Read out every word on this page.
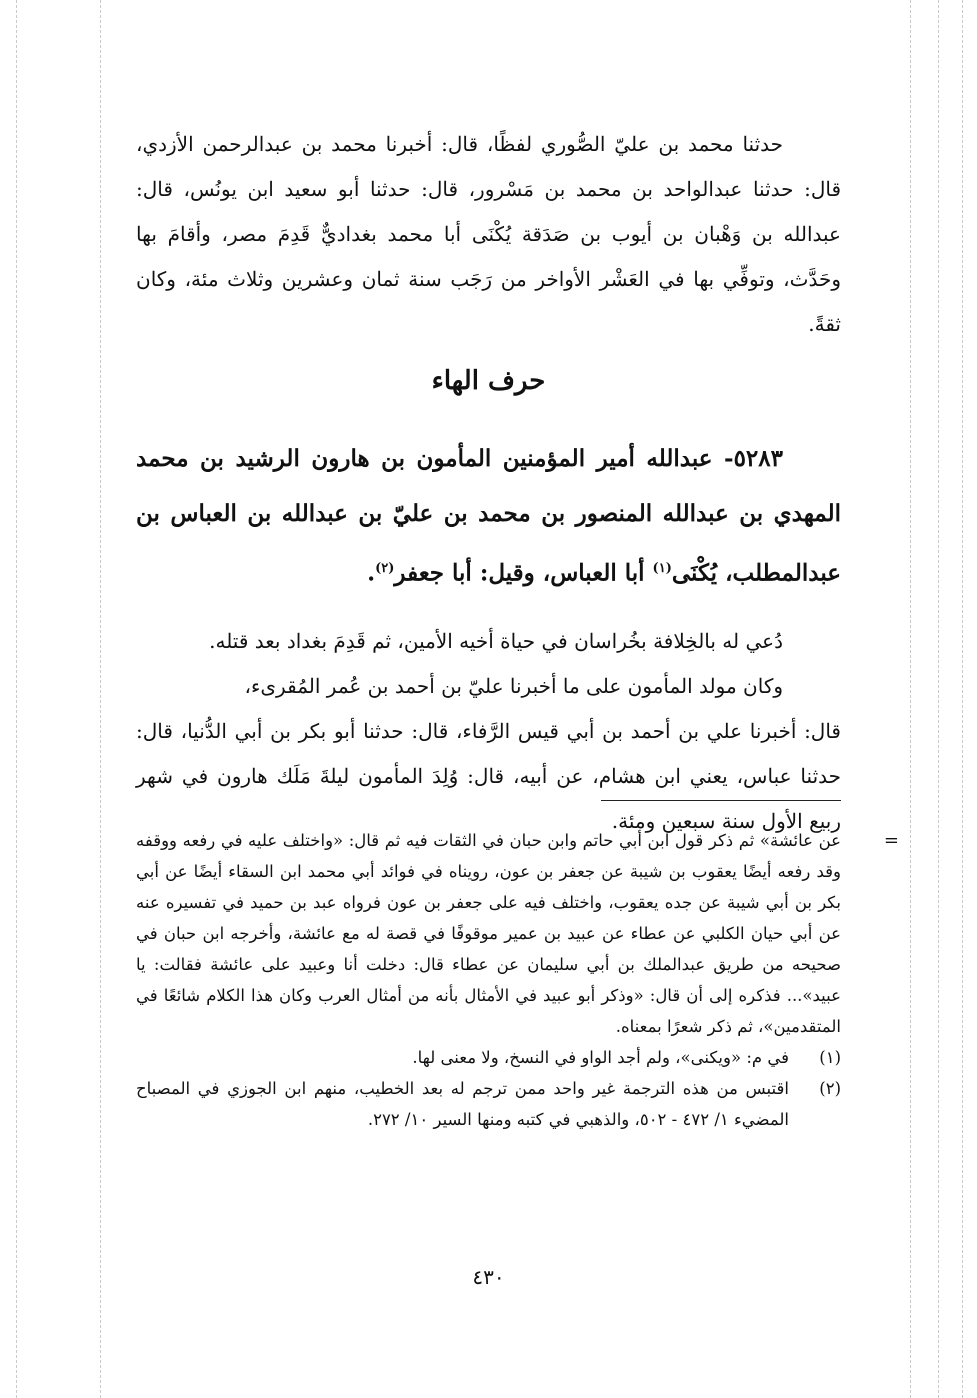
حدثنا محمد بن عليّ الصُّوري لفظًا، قال: أخبرنا محمد بن عبدالرحمن الأزدي، قال: حدثنا عبدالواحد بن محمد بن مَسْرور، قال: حدثنا أبو سعيد ابن يونُس، قال: عبدالله بن وَهْبان بن أيوب بن صَدَقة يُكْنَى أبا محمد بغداديٌّ قَدِمَ مصر، وأقامَ بها وحَدَّث، وتوفِّي بها في العَشْر الأواخر من رَجَب سنة ثمان وعشرين وثلاث مئة، وكان ثقةً.

حرف الهاء

٥٢٨٣- عبدالله أمير المؤمنين المأمون بن هارون الرشيد بن محمد المهدي بن عبدالله المنصور بن محمد بن عليّ بن عبدالله بن العباس بن عبدالمطلب، يُكْنَى$^{(١)}$ أبا العباس، وقيل: أبا جعفر$^{(٢)}$.

دُعي له بالخِلافة بخُراسان في حياة أخيه الأمين، ثم قَدِمَ بغداد بعد قتله.

وكان مولد المأمون على ما أخبرنا عليّ بن أحمد بن عُمر المُقرىء،

قال: أخبرنا علي بن أحمد بن أبي قيس الرَّفاء، قال: حدثنا أبو بكر بن أبي الدُّنيا، قال: حدثنا عباس، يعني ابن هشام، عن أبيه، قال: وُلِدَ المأمون ليلةَ مَلَك هارون في شهر ربيع الأول سنة سبعين ومئة.

=
عن عائشة» ثم ذكر قول ابن أبي حاتم وابن حبان في الثقات فيه ثم قال: «واختلف عليه في رفعه ووقفه وقد رفعه أيضًا يعقوب بن شيبة عن جعفر بن عون، رويناه في فوائد أبي محمد ابن السقاء أيضًا عن أبي بكر بن أبي شيبة عن جده يعقوب، واختلف فيه على جعفر بن عون فرواه عبد بن حميد في تفسيره عنه عن أبي حيان الكلبي عن عطاء عن عبيد بن عمير موقوفًا في قصة له مع عائشة، وأخرجه ابن حبان في صحيحه من طريق عبدالملك بن أبي سليمان عن عطاء قال: دخلت أنا وعبيد على عائشة فقالت: يا عبيد»... فذكره إلى أن قال: «وذكر أبو عبيد في الأمثال بأنه من أمثال العرب وكان هذا الكلام شائعًا في المتقدمين»، ثم ذكر شعرًا بمعناه.

(١)
في م: «ويكنى»، ولم أجد الواو في النسخ، ولا معنى لها.
(٢)
اقتبس من هذه الترجمة غير واحد ممن ترجم له بعد الخطيب، منهم ابن الجوزي في المصباح المضيء ١/ ٤٧٢ - ٥٠٢، والذهبي في كتبه ومنها السير ١٠/ ٢٧٢.
٤٣٠
